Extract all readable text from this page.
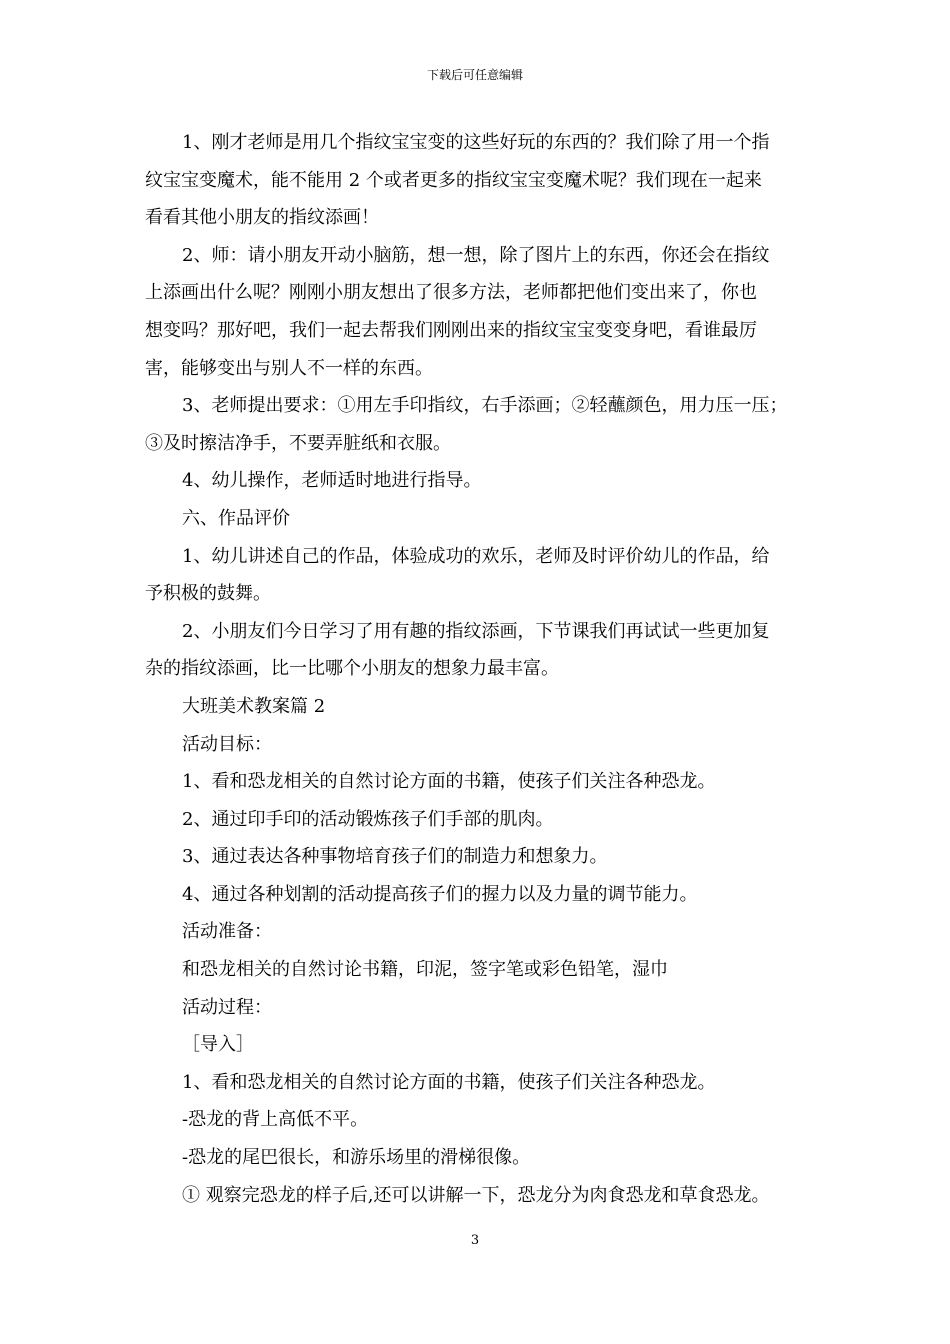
下载后可任意编辑

1、刚才老师是用几个指纹宝宝变的这些好玩的东西的？我们除了用一个指

纹宝宝变魔术，能不能用 2 个或者更多的指纹宝宝变魔术呢？我们现在一起来

看看其他小朋友的指纹添画！

2、师：请小朋友开动小脑筋，想一想，除了图片上的东西，你还会在指纹

上添画出什么呢？刚刚小朋友想出了很多方法，老师都把他们变出来了，你也

想变吗？那好吧，我们一起去帮我们刚刚出来的指纹宝宝变变身吧，看谁最厉

害，能够变出与别人不一样的东西。

3、老师提出要求：①用左手印指纹，右手添画；②轻蘸颜色，用力压一压；

③及时擦洁净手，不要弄脏纸和衣服。

4、幼儿操作，老师适时地进行指导。

六、作品评价

1、幼儿讲述自己的作品，体验成功的欢乐，老师及时评价幼儿的作品，给

予积极的鼓舞。

2、小朋友们今日学习了用有趣的指纹添画，下节课我们再试试一些更加复

杂的指纹添画，比一比哪个小朋友的想象力最丰富。

大班美术教案篇 2

活动目标：

1、看和恐龙相关的自然讨论方面的书籍，使孩子们关注各种恐龙。

2、通过印手印的活动锻炼孩子们手部的肌肉。

3、通过表达各种事物培育孩子们的制造力和想象力。

4、通过各种划割的活动提高孩子们的握力以及力量的调节能力。

活动准备：

和恐龙相关的自然讨论书籍，印泥，签字笔或彩色铅笔，湿巾

活动过程：

［导入］

1、看和恐龙相关的自然讨论方面的书籍，使孩子们关注各种恐龙。

-恐龙的背上高低不平。

-恐龙的尾巴很长，和游乐场里的滑梯很像。

① 观察完恐龙的样子后,还可以讲解一下，恐龙分为肉食恐龙和草食恐龙。

3
